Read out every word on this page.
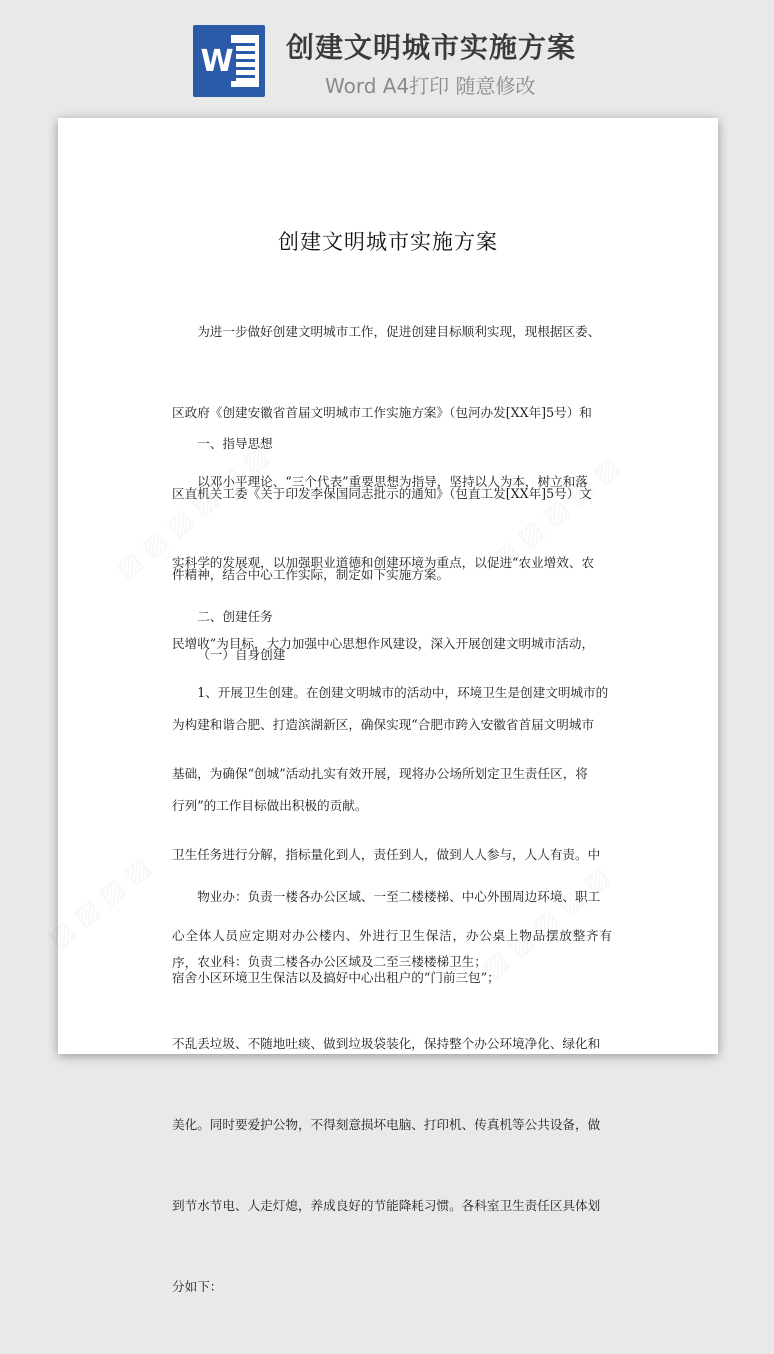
W 创建文明城市实施方案
Word A4打印 随意修改
创建文明城市实施方案

为进一步做好创建文明城市工作，促进创建目标顺利实现，现根据区委、

区政府《创建安徽省首届文明城市工作实施方案》（包河办发[XX年]5号）和

区直机关工委《关于印发李保国同志批示的通知》（包直工发[XX年]5号）文

件精神，结合中心工作实际，制定如下实施方案。

一、指导思想

以邓小平理论、“三个代表”重要思想为指导，坚持以人为本，树立和落

实科学的发展观，以加强职业道德和创建环境为重点，以促进“农业增效、农

民增收”为目标，大力加强中心思想作风建设，深入开展创建文明城市活动，

为构建和谐合肥、打造滨湖新区，确保实现“合肥市跨入安徽省首届文明城市

行列”的工作目标做出积极的贡献。

二、创建任务

（一）自身创建

1、开展卫生创建。在创建文明城市的活动中，环境卫生是创建文明城市的

基础，为确保“创城”活动扎实有效开展，现将办公场所划定卫生责任区，将

卫生任务进行分解，指标量化到人，责任到人，做到人人参与，人人有责。中

心全体人员应定期对办公楼内、外进行卫生保洁，办公桌上物品摆放整齐有序，

不乱丢垃圾、不随地吐痰、做到垃圾袋装化，保持整个办公环境净化、绿化和

美化。同时要爱护公物，不得刻意损坏电脑、打印机、传真机等公共设备，做

到节水节电、人走灯熄，养成良好的节能降耗习惯。各科室卫生责任区具体划

分如下：

物业办：负责一楼各办公区域、一至二楼楼梯、中心外围周边环境、职工

宿舍小区环境卫生保洁以及搞好中心出租户的“门前三包”；

农业科：负责二楼各办公区域及二至三楼楼梯卫生；
